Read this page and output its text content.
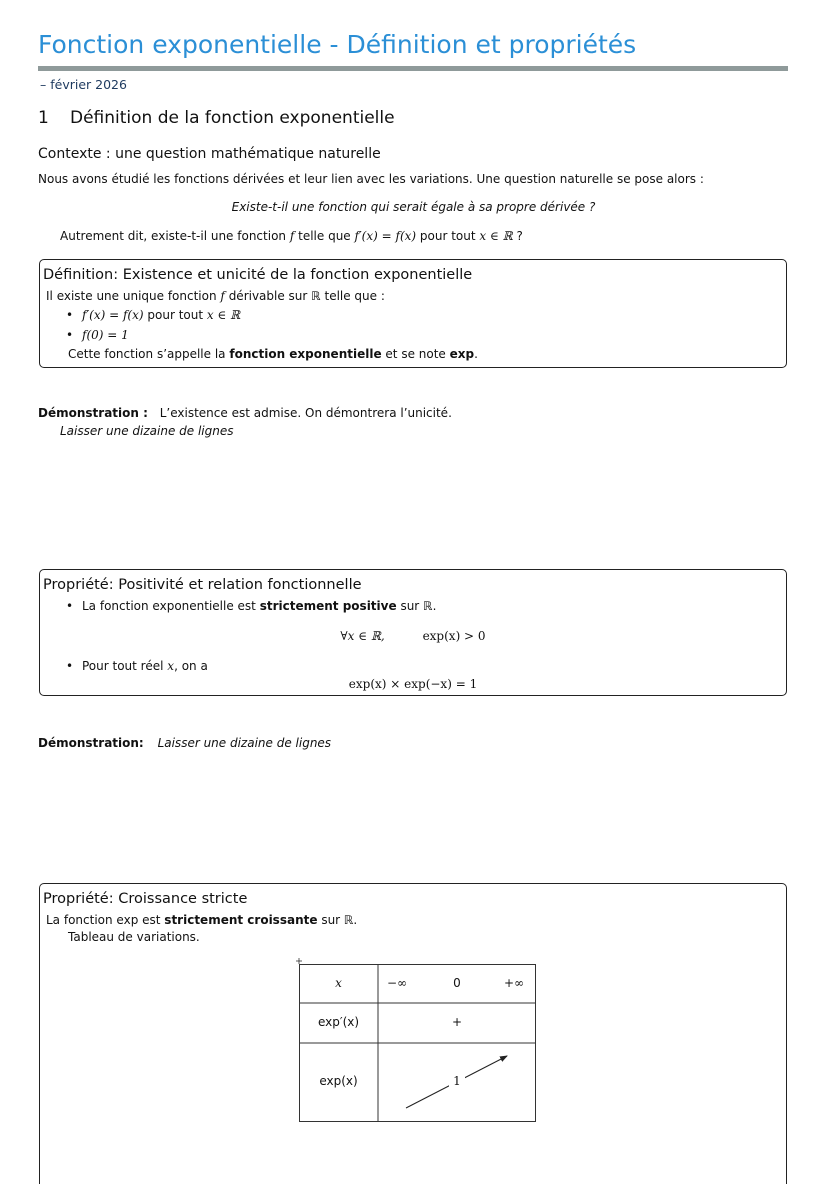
Fonction exponentielle - Définition et propriétés
– février 2026
1 Définition de la fonction exponentielle
Contexte : une question mathématique naturelle
Nous avons étudié les fonctions dérivées et leur lien avec les variations. Une question naturelle se pose alors :
Existe-t-il une fonction qui serait égale à sa propre dérivée ?
Autrement dit, existe-t-il une fonction f telle que f′(x) = f(x) pour tout x ∈ ℝ ?
Définition: Existence et unicité de la fonction exponentielle
Il existe une unique fonction f dérivable sur ℝ telle que :
• f′(x) = f(x) pour tout x ∈ ℝ
• f(0) = 1
Cette fonction s’appelle la fonction exponentielle et se note exp.
Démonstration : L’existence est admise. On démontrera l’unicité.
Laisser une dizaine de lignes
Propriété: Positivité et relation fonctionnelle
• La fonction exponentielle est strictement positive sur ℝ.
∀x ∈ ℝ,	exp(x) > 0
• Pour tout réel x, on a
exp(x) × exp(−x) = 1
Démonstration: Laisser une dizaine de lignes
Propriété: Croissance stricte
La fonction exp est strictement croissante sur ℝ.
Tableau de variations.
x	−∞	0	+∞
exp′(x)	+
exp(x)	1
